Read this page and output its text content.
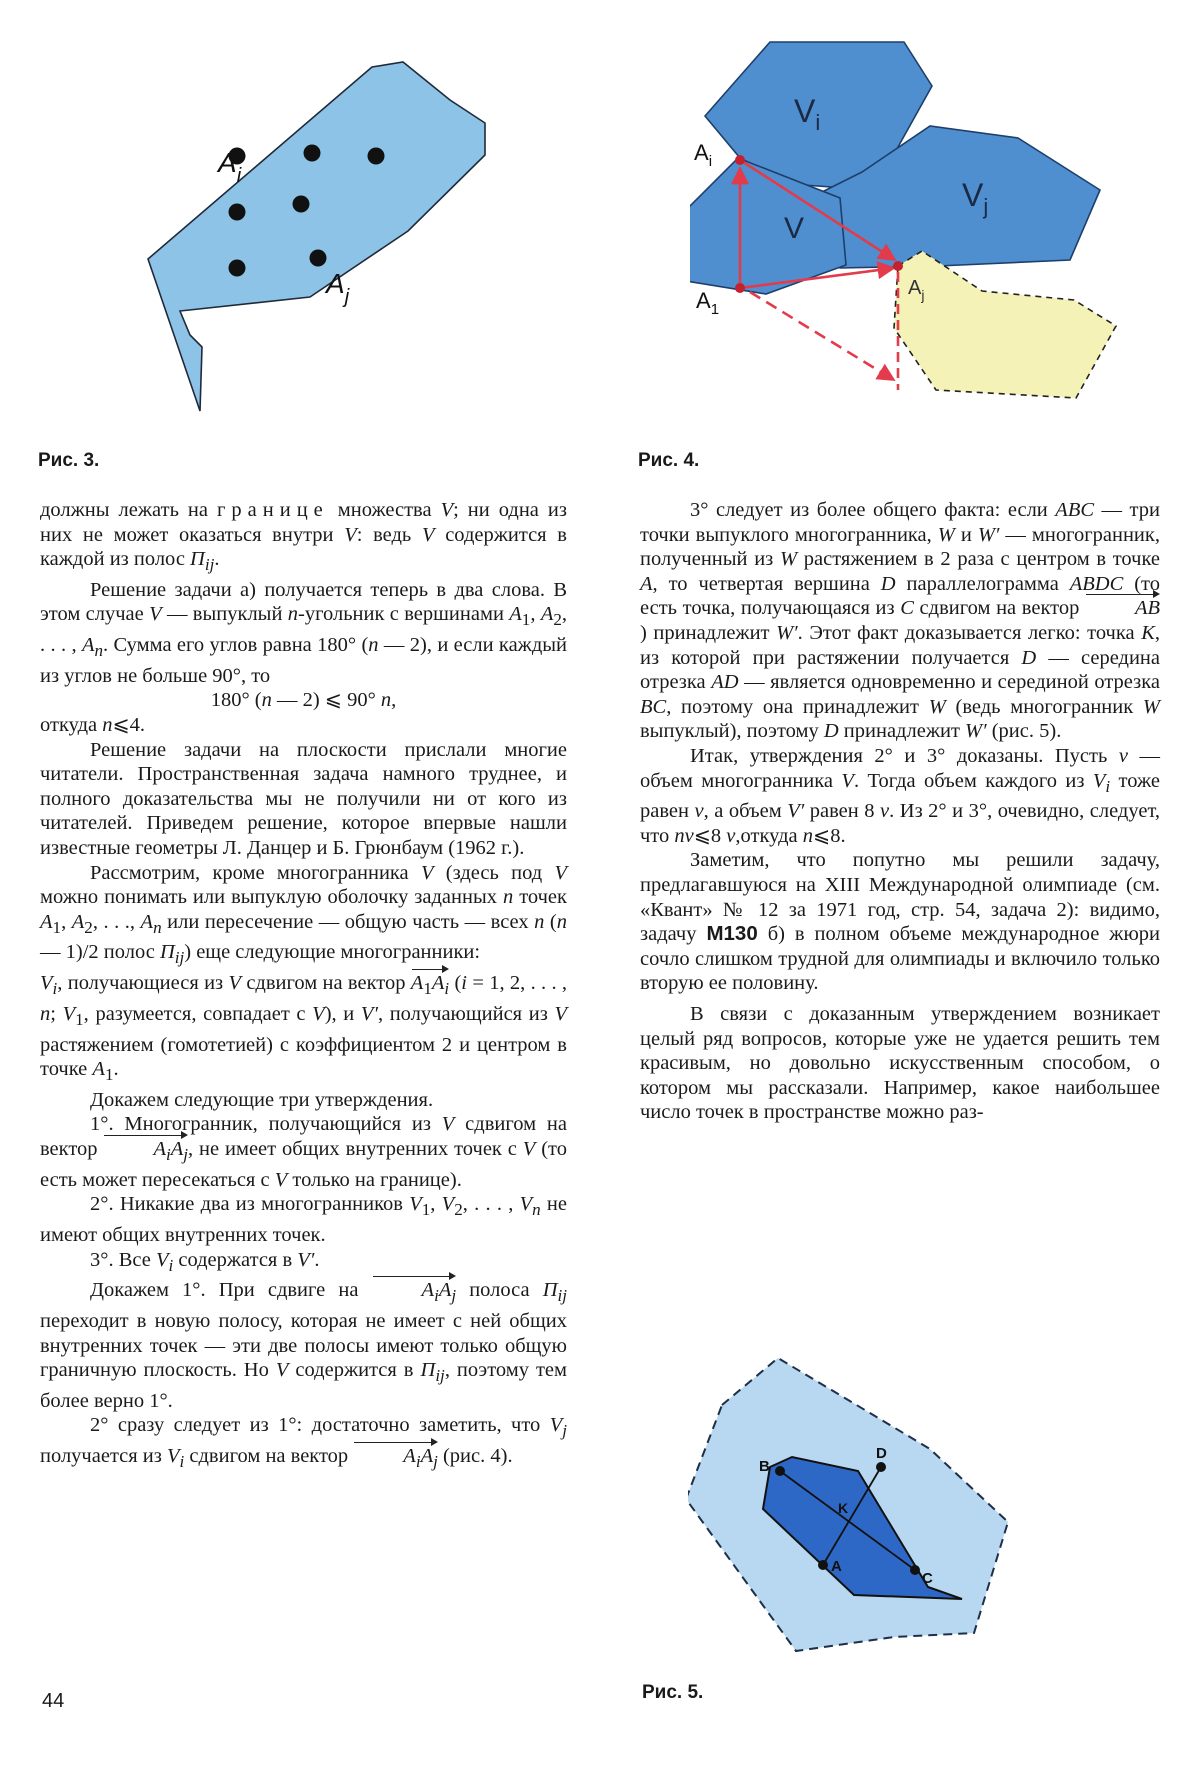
$A_i$
$A_j$
Рис. 3.
$V_i$
$V_j$
V
$A_i$
$A_1$
$A_j$
Рис. 4.

должны лежать на границе множества V; ни одна из них не может оказаться внутри V: ведь V содержится в каждой из полос $\Pi_{ij}$.

Решение задачи а) получается теперь в два слова. В этом случае V — выпуклый n-угольник с вершинами $A_1$, $A_2$, . . . , $A_n$. Сумма его углов равна 180° (n — 2), и если каждый из углов не больше 90°, то

180° (n — 2) ⩽ 90° n,

откуда n⩽4.

Решение задачи на плоскости прислали многие читатели. Пространственная задача намного труднее, и полного доказательства мы не получили ни от кого из читателей. Приведем решение, которое впервые нашли известные геометры Л. Данцер и Б. Грюнбаум (1962 г.).

Рассмотрим, кроме многогранника V (здесь под V можно понимать или выпуклую оболочку заданных n точек $A_1$, $A_2$, . . ., $A_n$ или пересечение — общую часть — всех n (n — 1)/2 полос $\Pi_{ij}$) еще следующие многогранники:

$V_i$, получающиеся из V сдвигом на вектор $A_1A_i$ (i = 1, 2, . . . , n; $V_1$, разумеется, совпадает с V), и V′, получающийся из V растяжением (гомотетией) с коэффициентом 2 и центром в точке $A_1$.

Докажем следующие три утверждения.

1°. Многогранник, получающийся из V сдвигом на вектор $A_iA_j$, не имеет общих внутренних точек с V (то есть может пересекаться с V только на границе).

2°. Никакие два из многогранников $V_1$, $V_2$, . . . , $V_n$ не имеют общих внутренних точек.

3°. Все $V_i$ содержатся в V′.

Докажем 1°. При сдвиге на $A_iA_j$ полоса $\Pi_{ij}$ переходит в новую полосу, которая не имеет с ней общих внутренних точек — эти две полосы имеют только общую граничную плоскость. Но V содержится в $\Pi_{ij}$, поэтому тем более верно 1°.

2° сразу следует из 1°: достаточно заметить, что $V_j$ получается из $V_i$ сдвигом на вектор $A_iA_j$ (рис. 4).

3° следует из более общего факта: если ABC — три точки выпуклого многогранника, W и W′ — многогранник, полученный из W растяжением в 2 раза с центром в точке A, то четвертая вершина D параллелограмма ABDC (то есть точка, получающаяся из C сдвигом на вектор AB) принадлежит W′. Этот факт доказывается легко: точка K, из которой при растяжении получается D — середина отрезка AD — является одновременно и серединой отрезка BC, поэтому она принадлежит W (ведь многогранник W выпуклый), поэтому D принадлежит W′ (рис. 5).

Итак, утверждения 2° и 3° доказаны. Пусть v — объем многогранника V. Тогда объем каждого из $V_i$ тоже равен v, а объем V′ равен 8 v. Из 2° и 3°, очевидно, следует, что nv⩽8 v,откуда n⩽8.

Заметим, что попутно мы решили задачу, предлагавшуюся на XIII Международной олимпиаде (см. «Квант» № 12 за 1971 год, стр. 54, задача 2): видимо, задачу М130 б) в полном объеме международное жюри сочло слишком трудной для олимпиады и включило только вторую ее половину.

В связи с доказанным утверждением возникает целый ряд вопросов, которые уже не удается решить тем красивым, но довольно искусственным способом, о котором мы рассказали. Например, какое наибольшее число точек в пространстве можно раз-

B
D
K
A
C
Рис. 5.
44
